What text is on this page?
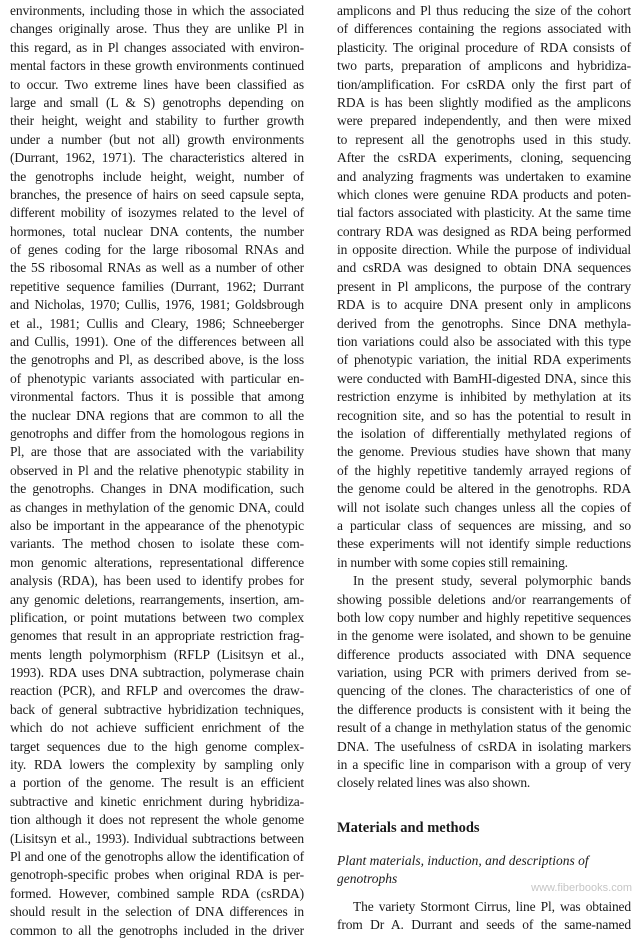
environments, including those in which the associated
changes originally arose. Thus they are unlike Pl in
this regard, as in Pl changes associated with environ-
mental factors in these growth environments continued
to occur. Two extreme lines have been classified as
large and small (L & S) genotrophs depending on
their height, weight and stability to further growth
under a number (but not all) growth environments
(Durrant, 1962, 1971). The characteristics altered in
the genotrophs include height, weight, number of
branches, the presence of hairs on seed capsule septa,
different mobility of isozymes related to the level of
hormones, total nuclear DNA contents, the number
of genes coding for the large ribosomal RNAs and
the 5S ribosomal RNAs as well as a number of other
repetitive sequence families (Durrant, 1962; Durrant
and Nicholas, 1970; Cullis, 1976, 1981; Goldsbrough
et al., 1981; Cullis and Cleary, 1986; Schneeberger
and Cullis, 1991). One of the differences between all
the genotrophs and Pl, as described above, is the loss
of phenotypic variants associated with particular en-
vironmental factors. Thus it is possible that among
the nuclear DNA regions that are common to all the
genotrophs and differ from the homologous regions in
Pl, are those that are associated with the variability
observed in Pl and the relative phenotypic stability in
the genotrophs. Changes in DNA modification, such
as changes in methylation of the genomic DNA, could
also be important in the appearance of the phenotypic
variants. The method chosen to isolate these com-
mon genomic alterations, representational difference
analysis (RDA), has been used to identify probes for
any genomic deletions, rearrangements, insertion, am-
plification, or point mutations between two complex
genomes that result in an appropriate restriction frag-
ments length polymorphism (RFLP (Lisitsyn et al.,
1993). RDA uses DNA subtraction, polymerase chain
reaction (PCR), and RFLP and overcomes the draw-
back of general subtractive hybridization techniques,
which do not achieve sufficient enrichment of the
target sequences due to the high genome complex-
ity. RDA lowers the complexity by sampling only
a portion of the genome. The result is an efficient
subtractive and kinetic enrichment during hybridiza-
tion although it does not represent the whole genome
(Lisitsyn et al., 1993). Individual subtractions between
Pl and one of the genotrophs allow the identification of
genotroph-specific probes when original RDA is per-
formed. However, combined sample RDA (csRDA)
should result in the selection of DNA differences in
common to all the genotrophs included in the driver
amplicons and Pl thus reducing the size of the cohort
of differences containing the regions associated with
plasticity. The original procedure of RDA consists of
two parts, preparation of amplicons and hybridiza-
tion/amplification. For csRDA only the first part of
RDA is has been slightly modified as the amplicons
were prepared independently, and then were mixed
to represent all the genotrophs used in this study.
After the csRDA experiments, cloning, sequencing
and analyzing fragments was undertaken to examine
which clones were genuine RDA products and poten-
tial factors associated with plasticity. At the same time
contrary RDA was designed as RDA being performed
in opposite direction. While the purpose of individual
and csRDA was designed to obtain DNA sequences
present in Pl amplicons, the purpose of the contrary
RDA is to acquire DNA present only in amplicons
derived from the genotrophs. Since DNA methyla-
tion variations could also be associated with this type
of phenotypic variation, the initial RDA experiments
were conducted with BamHI-digested DNA, since this
restriction enzyme is inhibited by methylation at its
recognition site, and so has the potential to result in
the isolation of differentially methylated regions of
the genome. Previous studies have shown that many
of the highly repetitive tandemly arrayed regions of
the genome could be altered in the genotrophs. RDA
will not isolate such changes unless all the copies of
a particular class of sequences are missing, and so
these experiments will not identify simple reductions
in number with some copies still remaining.
In the present study, several polymorphic bands
showing possible deletions and/or rearrangements of
both low copy number and highly repetitive sequences
in the genome were isolated, and shown to be genuine
difference products associated with DNA sequence
variation, using PCR with primers derived from se-
quencing of the clones. The characteristics of one of
the difference products is consistent with it being the
result of a change in methylation status of the genomic
DNA. The usefulness of csRDA in isolating markers
in a specific line in comparison with a group of very
closely related lines was also shown.
Materials and methods
Plant materials, induction, and descriptions of
genotrophs
The variety Stormont Cirrus, line Pl, was obtained
from Dr A. Durrant and seeds of the same-named
www.fiberbooks.com
